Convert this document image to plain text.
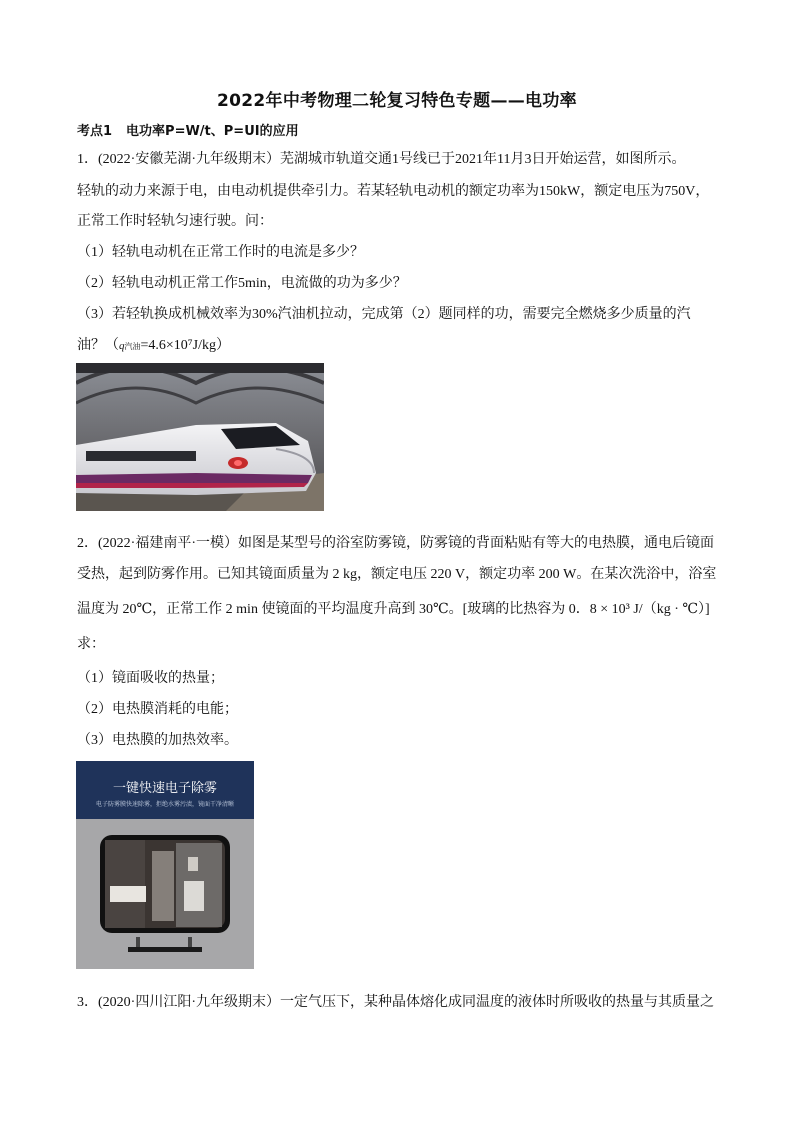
2022年中考物理二轮复习特色专题——电功率
考点1 电功率P=W/t、P=UI的应用
1．(2022·安徽芜湖·九年级期末）芜湖城市轨道交通1号线已于2021年11月3日开始运营，如图所示。
轻轨的动力来源于电，由电动机提供牵引力。若某轻轨电动机的额定功率为150kW，额定电压为750V，
正常工作时轻轨匀速行驶。问：
（1）轻轨电动机在正常工作时的电流是多少？
（2）轻轨电动机正常工作5min，电流做的功为多少？
（3）若轻轨换成机械效率为30%汽油机拉动，完成第（2）题同样的功，需要完全燃烧多少质量的汽
油？（q汽油=4.6×10⁷J/kg）
2．(2022·福建南平·一模）如图是某型号的浴室防雾镜，防雾镜的背面粘贴有等大的电热膜，通电后镜面
受热，起到防雾作用。已知其镜面质量为 2 kg，额定电压 220 V，额定功率 200 W。在某次洗浴中，浴室
温度为 20℃，正常工作 2 min 使镜面的平均温度升高到 30℃。[玻璃的比热容为 0．8 × 10³ J/（kg · ℃）]
求：
（1）镜面吸收的热量；
（2）电热膜消耗的电能；
（3）电热膜的加热效率。
一键快速电子除雾
电子防雾膜快速除雾，拒绝水雾污渍，镜面干净清晰
3．(2020·四川江阳·九年级期末）一定气压下，某种晶体熔化成同温度的液体时所吸收的热量与其质量之
